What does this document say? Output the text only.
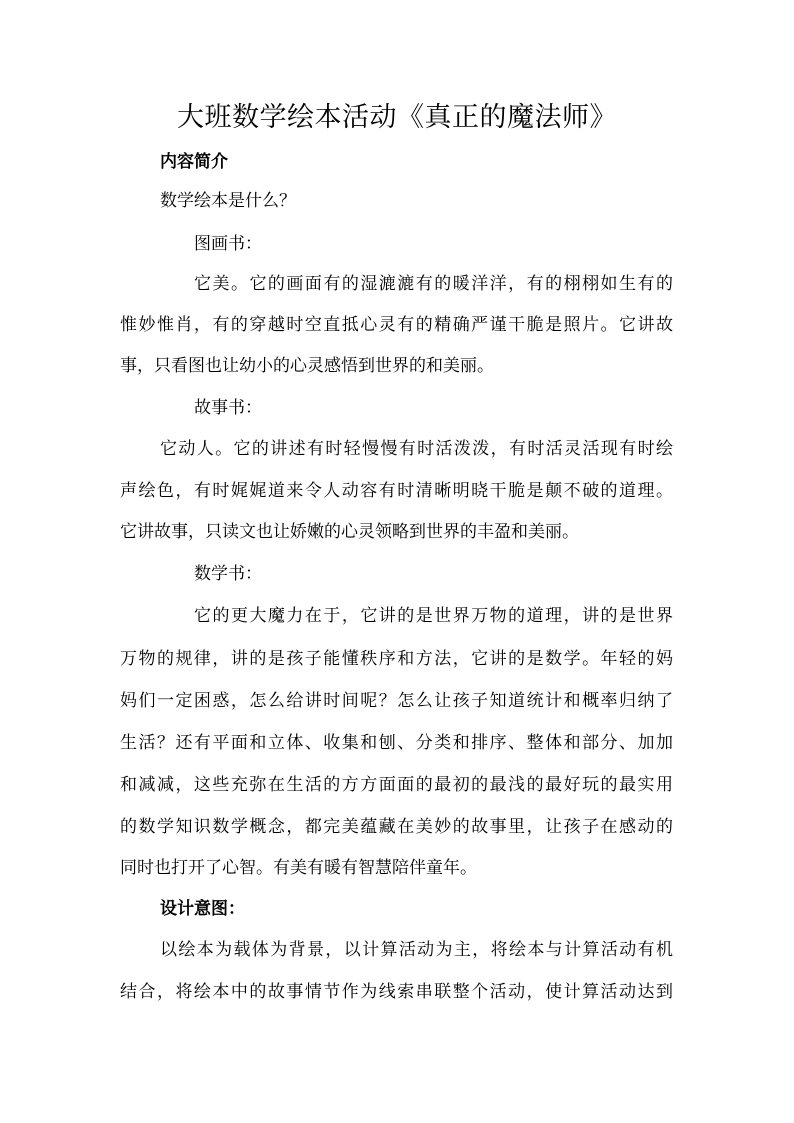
大班数学绘本活动《真正的魔法师》
内容简介
数学绘本是什么？
图画书：
它美。它的画面有的湿漉漉有的暖洋洋，有的栩栩如生有的
惟妙惟肖，有的穿越时空直抵心灵有的精确严谨干脆是照片。它讲故
事，只看图也让幼小的心灵感悟到世界的和美丽。
故事书：
它动人。它的讲述有时轻慢慢有时活泼泼，有时活灵活现有时绘
声绘色，有时娓娓道来令人动容有时清晰明晓干脆是颠不破的道理。
它讲故事，只读文也让娇嫩的心灵领略到世界的丰盈和美丽。
数学书：
它的更大魔力在于，它讲的是世界万物的道理，讲的是世界
万物的规律，讲的是孩子能懂秩序和方法，它讲的是数学。年轻的妈
妈们一定困惑，怎么给讲时间呢？怎么让孩子知道统计和概率归纳了
生活？还有平面和立体、收集和刨、分类和排序、整体和部分、加加
和减减，这些充弥在生活的方方面面的最初的最浅的最好玩的最实用
的数学知识数学概念，都完美蕴藏在美妙的故事里，让孩子在感动的
同时也打开了心智。有美有暖有智慧陪伴童年。
设计意图：
以绘本为载体为背景，以计算活动为主，将绘本与计算活动有机
结合，将绘本中的故事情节作为线索串联整个活动，使计算活动达到
